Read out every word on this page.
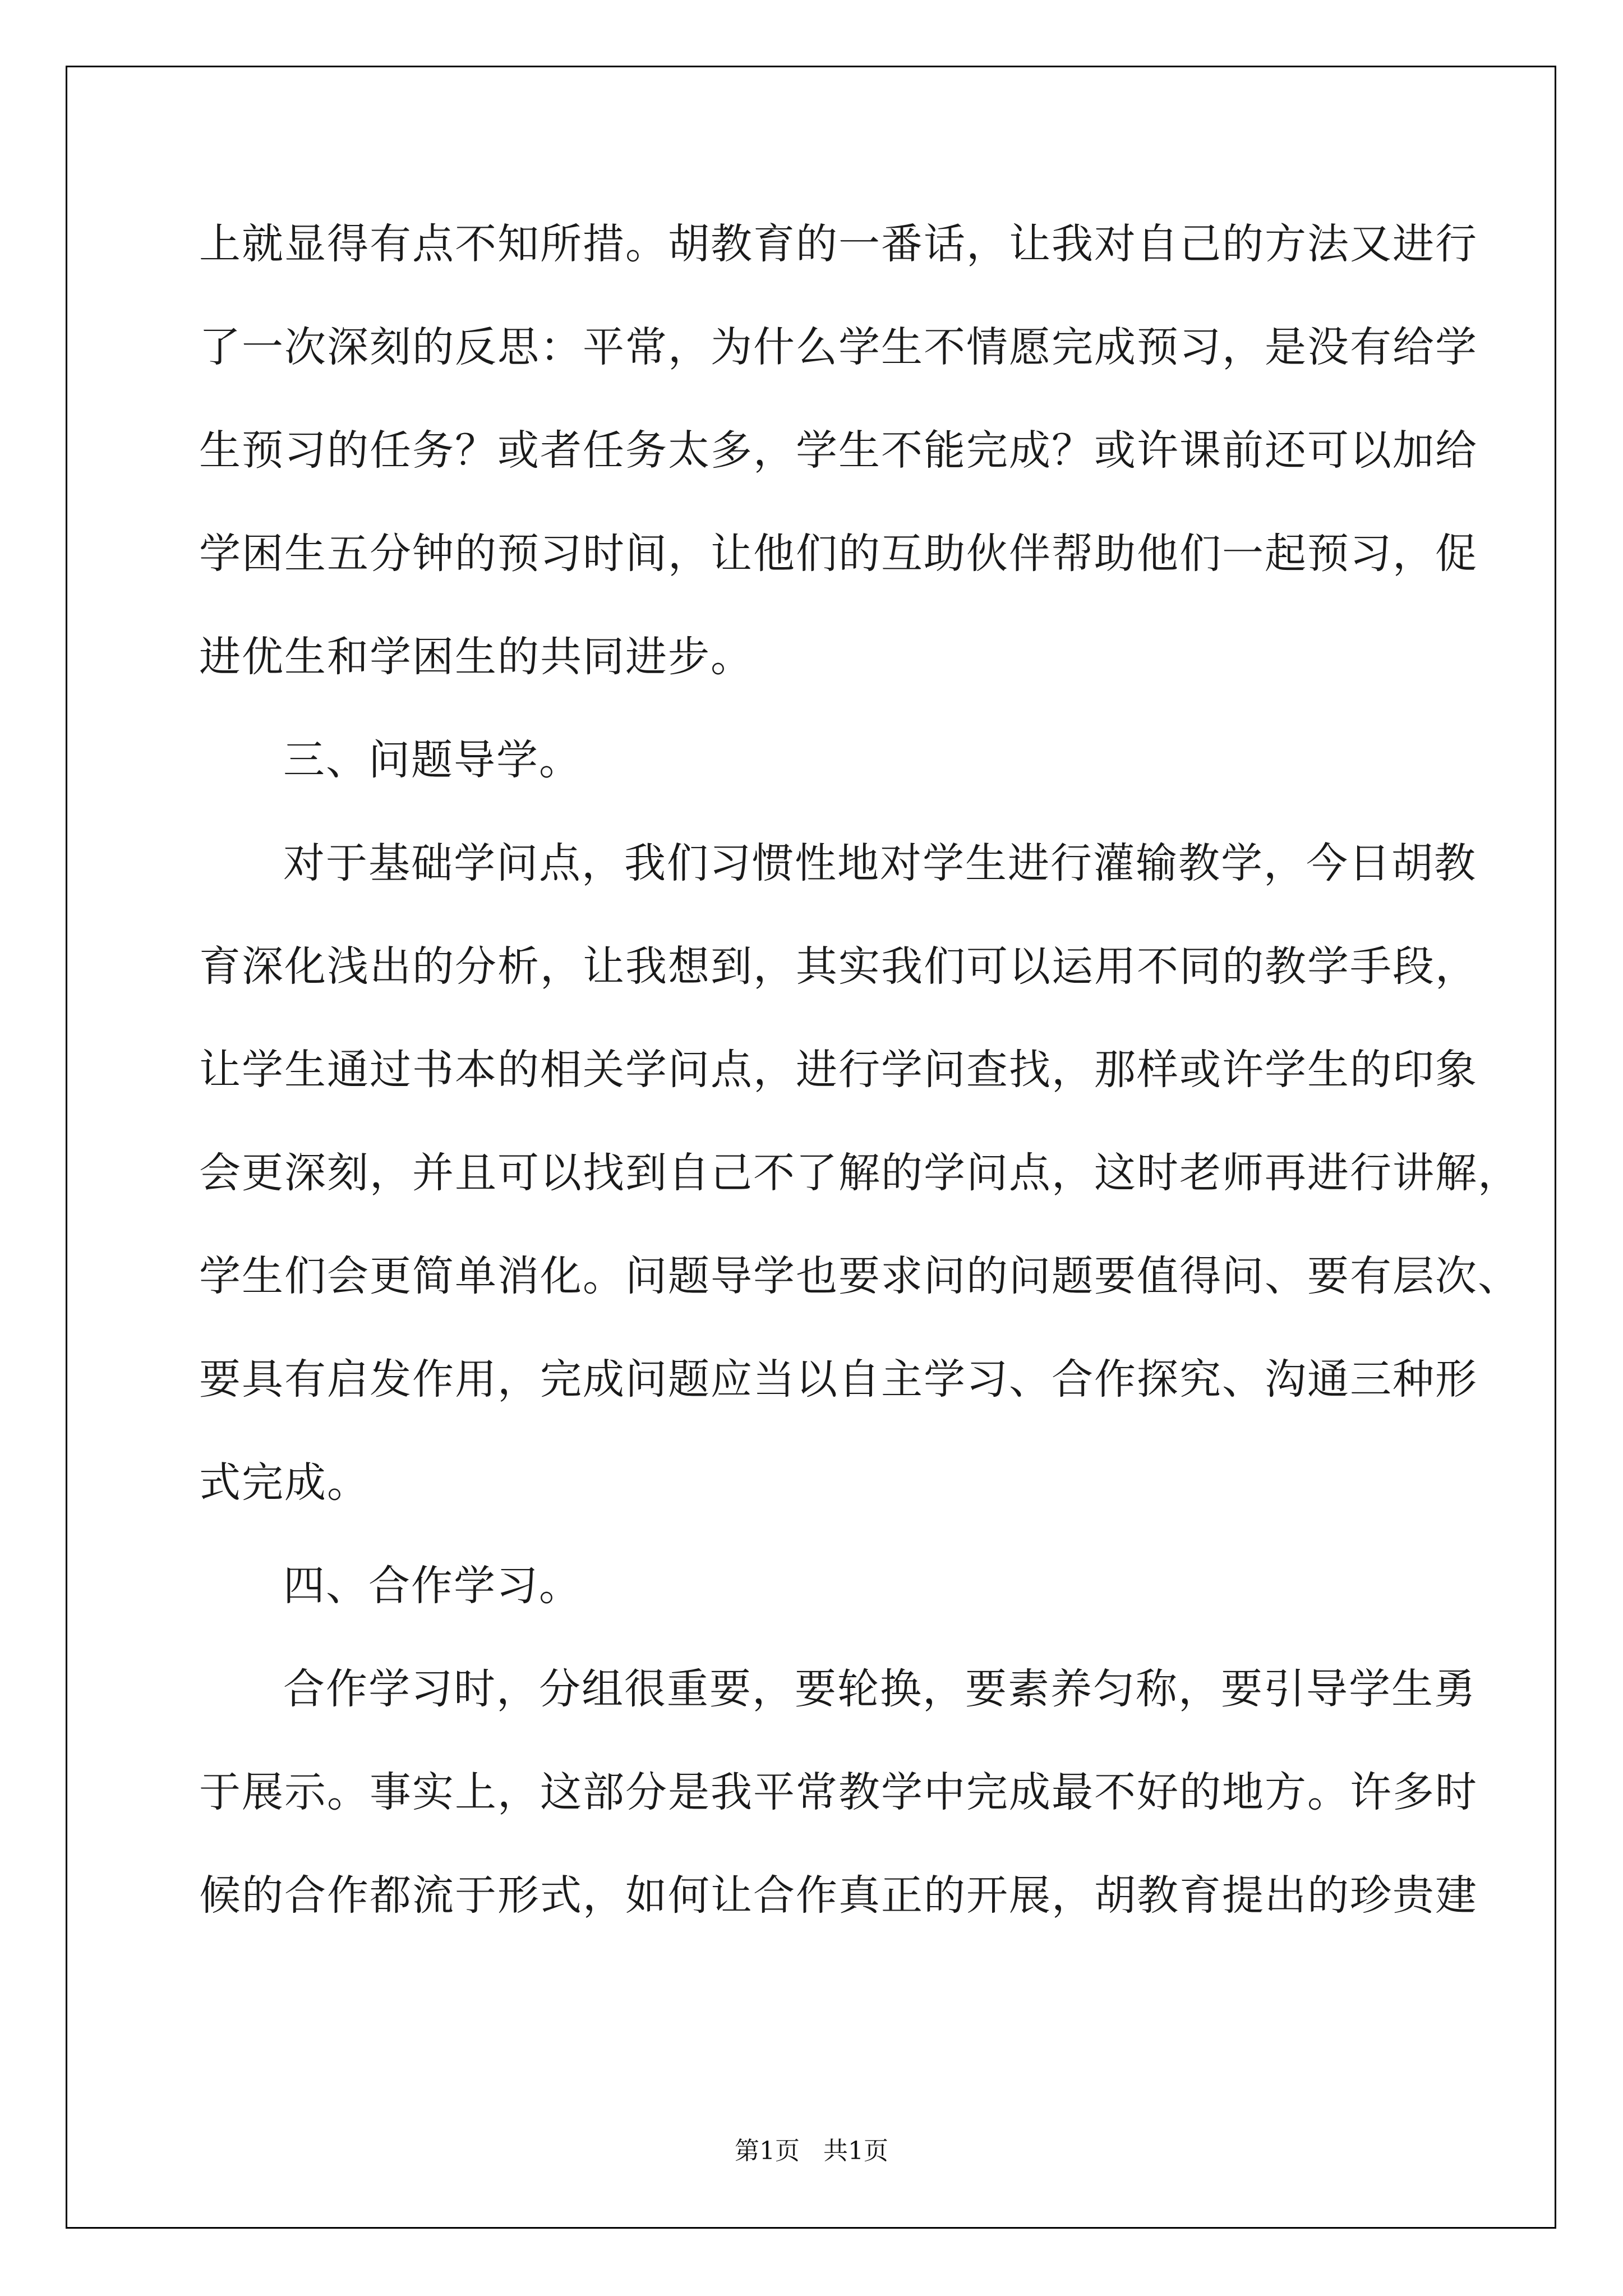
上就显得有点不知所措。胡教育的一番话，让我对自己的方法又进行
了一次深刻的反思：平常，为什么学生不情愿完成预习，是没有给学
生预习的任务？或者任务太多，学生不能完成？或许课前还可以加给
学困生五分钟的预习时间，让他们的互助伙伴帮助他们一起预习，促
进优生和学困生的共同进步。
三、问题导学。
对于基础学问点，我们习惯性地对学生进行灌输教学，今日胡教
育深化浅出的分析，让我想到，其实我们可以运用不同的教学手段，
让学生通过书本的相关学问点，进行学问查找，那样或许学生的印象
会更深刻，并且可以找到自己不了解的学问点，这时老师再进行讲解，
学生们会更简单消化。问题导学也要求问的问题要值得问、要有层次、
要具有启发作用，完成问题应当以自主学习、合作探究、沟通三种形
式完成。
四、合作学习。
合作学习时，分组很重要，要轮换，要素养匀称，要引导学生勇
于展示。事实上，这部分是我平常教学中完成最不好的地方。许多时
候的合作都流于形式，如何让合作真正的开展，胡教育提出的珍贵建
第1页 共1页
